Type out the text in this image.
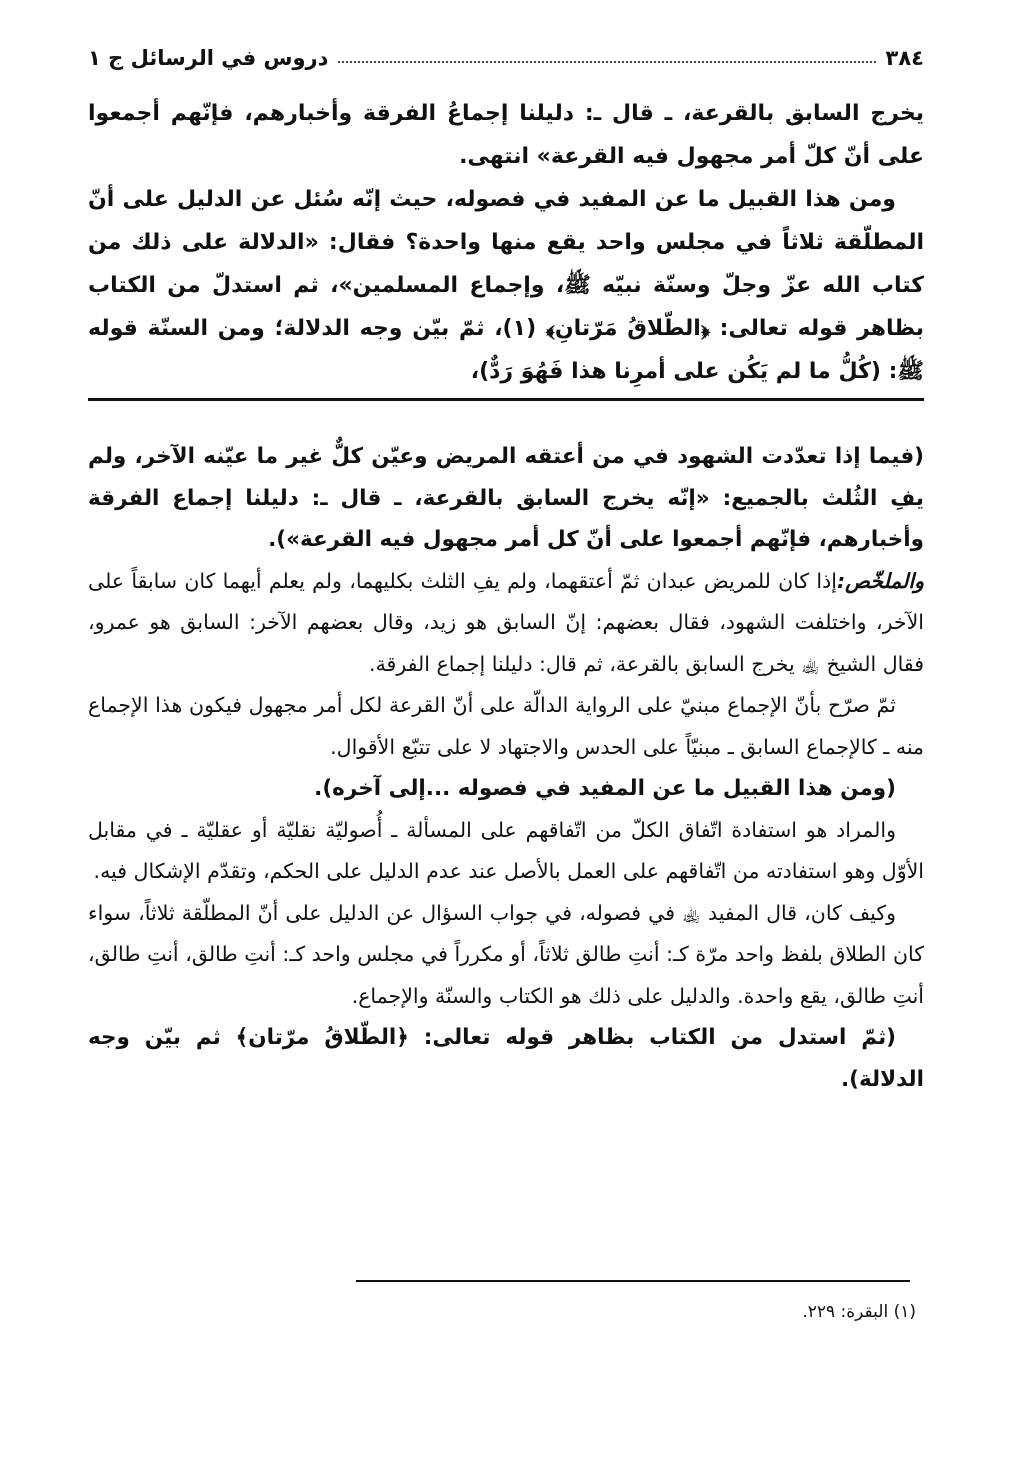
٣٨٤
دروس في الرسائل ج ١

يخرج السابق بالقرعة، ـ قال ـ: دليلنا إجماعُ الفرقة وأخبارهم، فإنّهم أجمعوا على أنّ كلّ أمر مجهول فيه القرعة» انتهى.

ومن هذا القبيل ما عن المفيد في فصوله، حيث إنّه سُئل عن الدليل على أنّ المطلّقة ثلاثاً في مجلس واحد يقع منها واحدة؟ فقال: «الدلالة على ذلك من كتاب الله عزّ وجلّ وسنّة نبيّه ﷺ، وإجماع المسلمين»، ثم استدلّ من الكتاب بظاهر قوله تعالى: ﴿الطّلاقُ مَرّتانِ﴾ (١)، ثمّ بيّن وجه الدلالة؛ ومن السنّة قوله ﷺ: (كُلُّ ما لم يَكُن على أمرِنا هذا فَهُوَ رَدٌّ)،

(فيما إذا تعدّدت الشهود في من أعتقه المريض وعيّن كلٌّ غير ما عيّنه الآخر، ولم يفِ الثُلث بالجميع: «إنّه يخرج السابق بالقرعة، ـ قال ـ: دليلنا إجماع الفرقة وأخبارهم، فإنّهم أجمعوا على أنّ كل أمر مجهول فيه القرعة»).

والملخّص:إذا كان للمريض عبدان ثمّ أعتقهما، ولم يفِ الثلث بكليهما، ولم يعلم أيهما كان سابقاً على الآخر، واختلفت الشهود، فقال بعضهم: إنّ السابق هو زيد، وقال بعضهم الآخر: السابق هو عمرو، فقال الشيخ ﵀ يخرج السابق بالقرعة، ثم قال: دليلنا إجماع الفرقة.

ثمّ صرّح بأنّ الإجماع مبنيّ على الرواية الدالّة على أنّ القرعة لكل أمر مجهول فيكون هذا الإجماع منه ـ كالإجماع السابق ـ مبنيّاً على الحدس والاجتهاد لا على تتبّع الأقوال.

(ومن هذا القبيل ما عن المفيد في فصوله ...إلى آخره).

والمراد هو استفادة اتّفاق الكلّ من اتّفاقهم على المسألة ـ أُصوليّة نقليّة أو عقليّة ـ في مقابل الأوّل وهو استفادته من اتّفاقهم على العمل بالأصل عند عدم الدليل على الحكم، وتقدّم الإشكال فيه.

وكيف كان، قال المفيد ﵀ في فصوله، في جواب السؤال عن الدليل على أنّ المطلّقة ثلاثاً، سواء كان الطلاق بلفظ واحد مرّة كـ: أنتِ طالق ثلاثاً، أو مكرراً في مجلس واحد كـ: أنتِ طالق، أنتِ طالق، أنتِ طالق، يقع واحدة. والدليل على ذلك هو الكتاب والسنّة والإجماع.

(ثمّ استدل من الكتاب بظاهر قوله تعالى: ﴿الطّلاقُ مرّتان﴾ ثم بيّن وجه الدلالة).

(١) البقرة: ٢٢٩.
